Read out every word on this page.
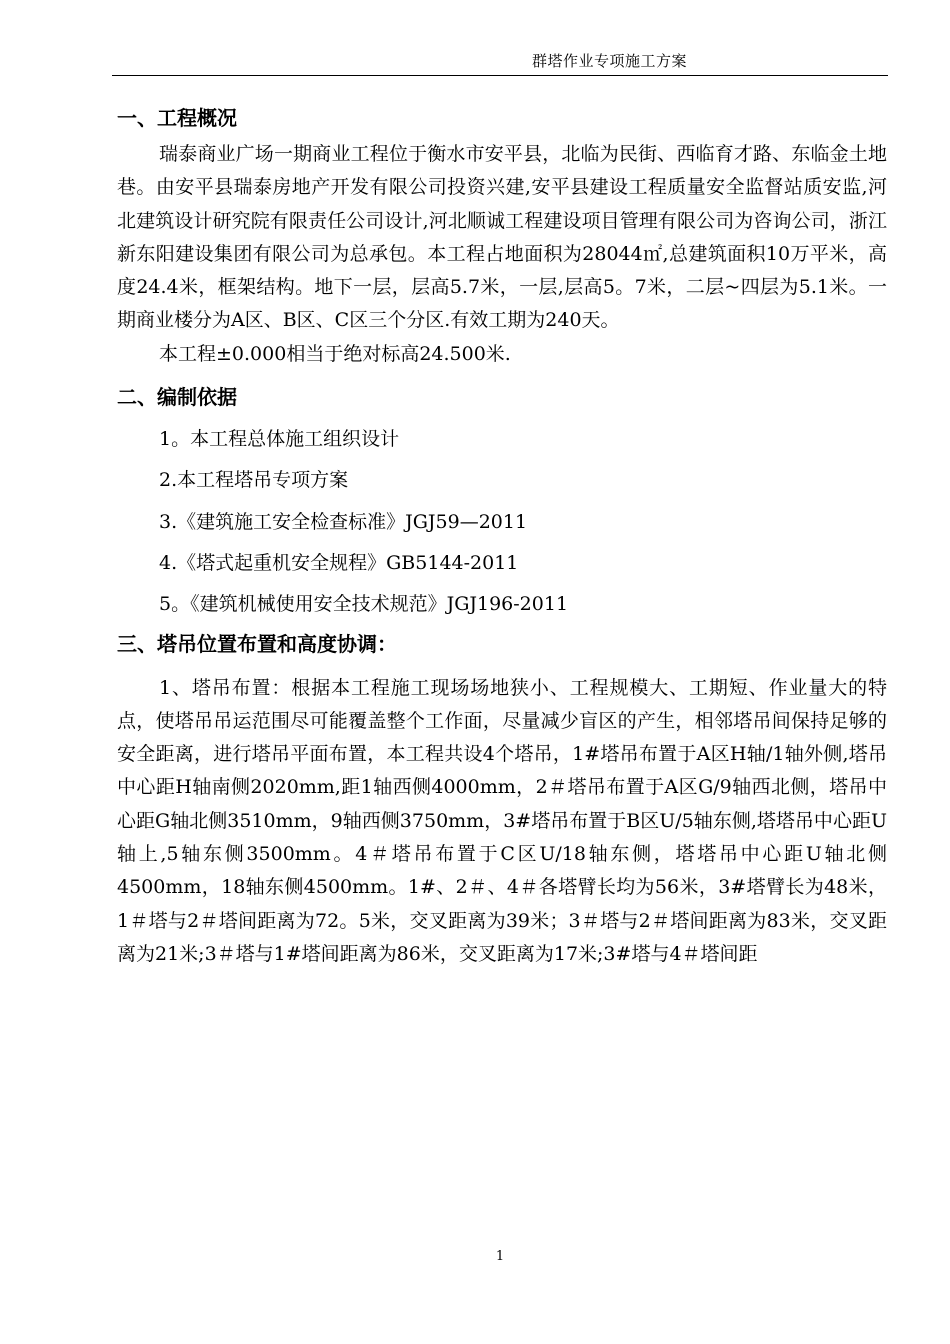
群塔作业专项施工方案
一、工程概况

瑞泰商业广场一期商业工程位于衡水市安平县，北临为民街、西临育才路、东临金土地巷。由安平县瑞泰房地产开发有限公司投资兴建,安平县建设工程质量安全监督站质安监,河北建筑设计研究院有限责任公司设计,河北顺诚工程建设项目管理有限公司为咨询公司，浙江新东阳建设集团有限公司为总承包。本工程占地面积为28044㎡,总建筑面积10万平米，高度24.4米，框架结构。地下一层，层高5.7米，一层,层高5。7米，二层~四层为5.1米。一期商业楼分为A区、B区、C区三个分区.有效工期为240天。

本工程±0.000相当于绝对标高24.500米.

二、编制依据

1。本工程总体施工组织设计

2.本工程塔吊专项方案

3.《建筑施工安全检查标准》JGJ59—2011

4.《塔式起重机安全规程》GB5144-2011

5。《建筑机械使用安全技术规范》JGJ196-2011

三、塔吊位置布置和高度协调：

1、塔吊布置：根据本工程施工现场场地狭小、工程规模大、工期短、作业量大的特点，使塔吊吊运范围尽可能覆盖整个工作面，尽量减少盲区的产生，相邻塔吊间保持足够的安全距离，进行塔吊平面布置，本工程共设4个塔吊，1#塔吊布置于A区H轴/1轴外侧,塔吊中心距H轴南侧2020mm,距1轴西侧4000mm，2＃塔吊布置于A区G/9轴西北侧，塔吊中心距G轴北侧3510mm，9轴西侧3750mm，3#塔吊布置于B区U/5轴东侧,塔塔吊中心距U轴上,5轴东侧3500mm。4＃塔吊布置于C区U/18轴东侧，塔塔吊中心距U轴北侧4500mm，18轴东侧4500mm。1#、2＃、4＃各塔臂长均为56米，3#塔臂长为48米，1＃塔与2＃塔间距离为72。5米，交叉距离为39米；3＃塔与2＃塔间距离为83米，交叉距离为21米;3＃塔与1#塔间距离为86米，交叉距离为17米;3#塔与4＃塔间距

1
